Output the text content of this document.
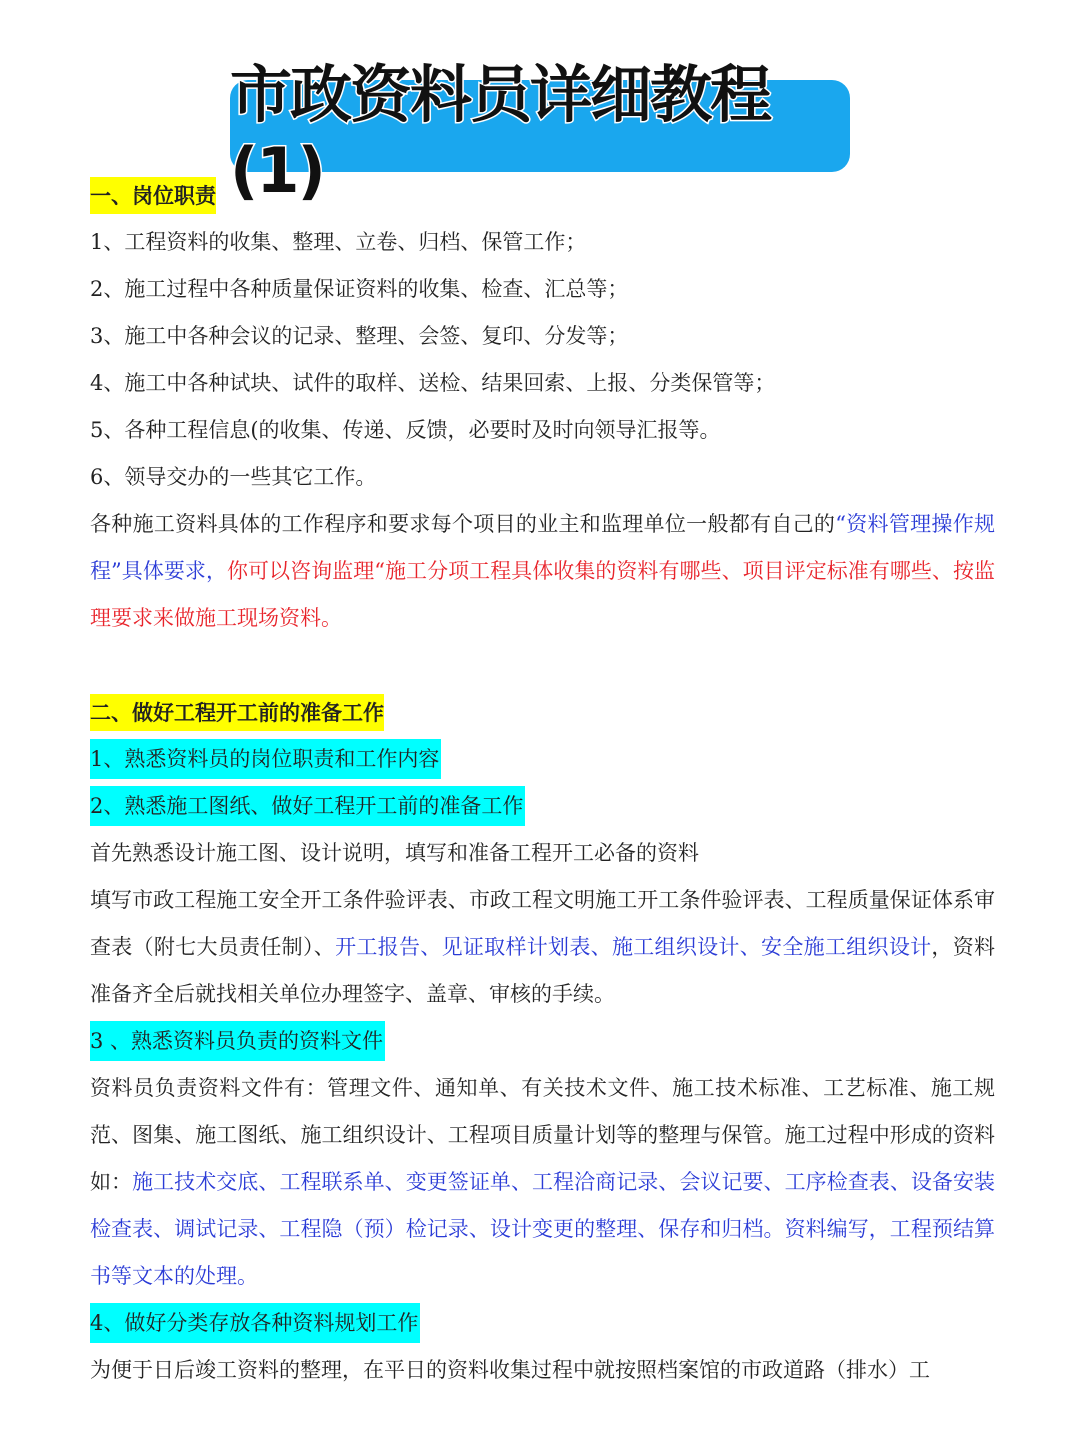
市政资料员详细教程(1)
一、岗位职责
1、工程资料的收集、整理、立卷、归档、保管工作；
2、施工过程中各种质量保证资料的收集、检查、汇总等；
3、施工中各种会议的记录、整理、会签、复印、分发等；
4、施工中各种试块、试件的取样、送检、结果回索、上报、分类保管等；
5、各种工程信息(的收集、传递、反馈，必要时及时向领导汇报等。
6、领导交办的一些其它工作。
各种施工资料具体的工作程序和要求每个项目的业主和监理单位一般都有自己的“资料管理操作规程”具体要求，你可以咨询监理“施工分项工程具体收集的资料有哪些、项目评定标准有哪些、按监理要求来做施工现场资料。
二、做好工程开工前的准备工作
1、熟悉资料员的岗位职责和工作内容
2、熟悉施工图纸、做好工程开工前的准备工作
首先熟悉设计施工图、设计说明，填写和准备工程开工必备的资料
填写市政工程施工安全开工条件验评表、市政工程文明施工开工条件验评表、工程质量保证体系审查表（附七大员责任制）、开工报告、见证取样计划表、施工组织设计、安全施工组织设计，资料准备齐全后就找相关单位办理签字、盖章、审核的手续。
3 、熟悉资料员负责的资料文件
资料员负责资料文件有：管理文件、通知单、有关技术文件、施工技术标准、工艺标准、施工规范、图集、施工图纸、施工组织设计、工程项目质量计划等的整理与保管。施工过程中形成的资料如：施工技术交底、工程联系单、变更签证单、工程洽商记录、会议记要、工序检查表、设备安装检查表、调试记录、工程隐（预）检记录、设计变更的整理、保存和归档。资料编写，工程预结算书等文本的处理。
4、做好分类存放各种资料规划工作
为便于日后竣工资料的整理，在平日的资料收集过程中就按照档案馆的市政道路（排水）工
